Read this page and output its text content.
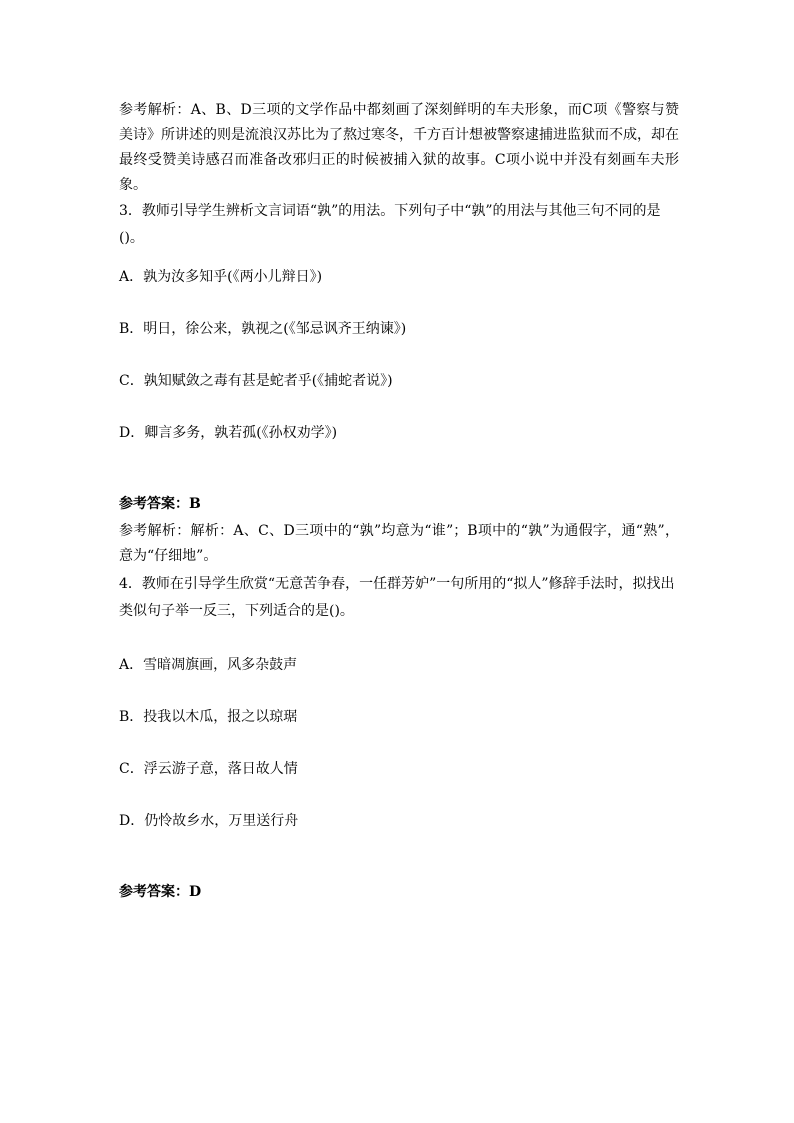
参考解析：A、B、D三项的文学作品中都刻画了深刻鲜明的车夫形象，而C项《警察与赞美诗》所讲述的则是流浪汉苏比为了熬过寒冬，千方百计想被警察逮捕进监狱而不成，却在最终受赞美诗感召而准备改邪归正的时候被捕入狱的故事。C项小说中并没有刻画车夫形象。

3．教师引导学生辨析文言词语“孰”的用法。下列句子中“孰”的用法与其他三句不同的是()。

A．孰为汝多知乎(《两小儿辩日》)

B．明日，徐公来，孰视之(《邹忌讽齐王纳谏》)

C．孰知赋敛之毒有甚是蛇者乎(《捕蛇者说》)

D．卿言多务，孰若孤(《孙权劝学》)

参考答案：B

参考解析：解析：A、C、D三项中的“孰”均意为“谁”；B项中的“孰”为通假字，通“熟”，意为“仔细地”。

4．教师在引导学生欣赏“无意苦争春，一任群芳妒”一句所用的“拟人”修辞手法时，拟找出类似句子举一反三，下列适合的是()。

A．雪暗凋旗画，风多杂鼓声

B．投我以木瓜，报之以琼琚

C．浮云游子意，落日故人情

D．仍怜故乡水，万里送行舟

参考答案：D
